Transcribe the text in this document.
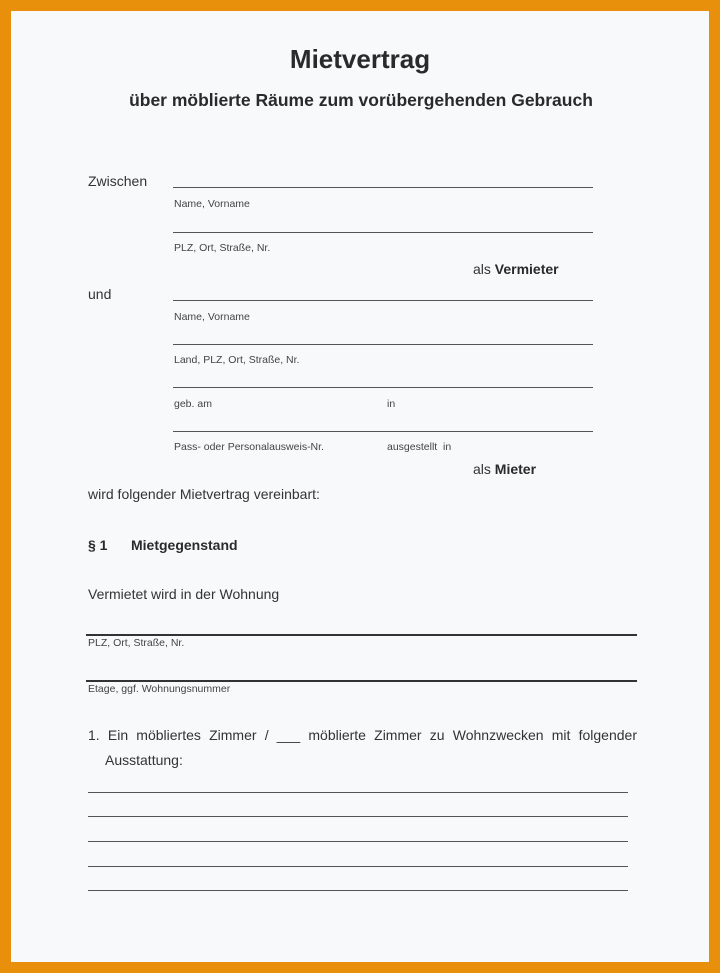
Mietvertrag
über möblierte Räume zum vorübergehenden Gebrauch
Zwischen
Name, Vorname
PLZ, Ort, Straße, Nr.
als Vermieter
und
Name, Vorname
Land, PLZ, Ort, Straße, Nr.
geb. am	in
Pass- oder Personalausweis-Nr.	ausgestellt  in
als Mieter
wird folgender Mietvertrag vereinbart:
§ 1 Mietgegenstand
Vermietet wird in der Wohnung
PLZ, Ort, Straße, Nr.
Etage, ggf. Wohnungsnummer
1. Ein möbliertes Zimmer / ___ möblierte Zimmer zu Wohnzwecken mit folgender
Ausstattung:
